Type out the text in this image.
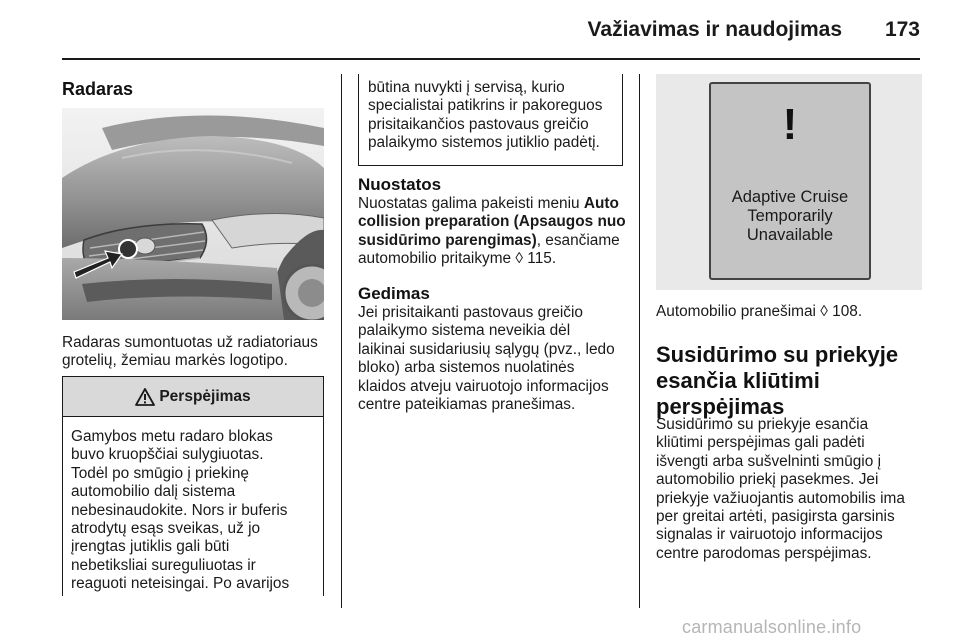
Važiavimas ir naudojimas 173
Radaras
Radaras sumontuotas už radiatoriaus grotelių, žemiau markės logotipo.
Perspėjimas
Gamybos metu radaro blokas
buvo kruopščiai sulygiuotas.
Todėl po smūgio į priekinę
automobilio dalį sistema
nebesinaudokite. Nors ir buferis
atrodytų esąs sveikas, už jo
įrengtas jutiklis gali būti
nebetiksliai sureguliuotas ir
reaguoti neteisingai. Po avarijos
būtina nuvykti į servisą, kurio
specialistai patikrins ir pakoreguos
prisitaikančios pastovaus greičio
palaikymo sistemos jutiklio padėtį.
Nuostatos
Nuostatas galima pakeisti meniu Auto
collision preparation (Apsaugos nuo
susidūrimo parengimas), esančiame
automobilio pritaikyme ◊ 115.
Gedimas
Jei prisitaikanti pastovaus greičio
palaikymo sistema neveikia dėl
laikinai susidariusių sąlygų (pvz., ledo
bloko) arba sistemos nuolatinės
klaidos atveju vairuotojo informacijos
centre pateikiamas pranešimas.
!
Adaptive Cruise
Temporarily
Unavailable
Automobilio pranešimai ◊ 108.
Susidūrimo su priekyje
esančia kliūtimi
perspėjimas
Susidūrimo su priekyje esančia
kliūtimi perspėjimas gali padėti
išvengti arba sušvelninti smūgio į
automobilio priekį pasekmes. Jei
priekyje važiuojantis automobilis ima
per greitai artėti, pasigirsta garsinis
signalas ir vairuotojo informacijos
centre parodomas perspėjimas.
carmanualsonline.info
